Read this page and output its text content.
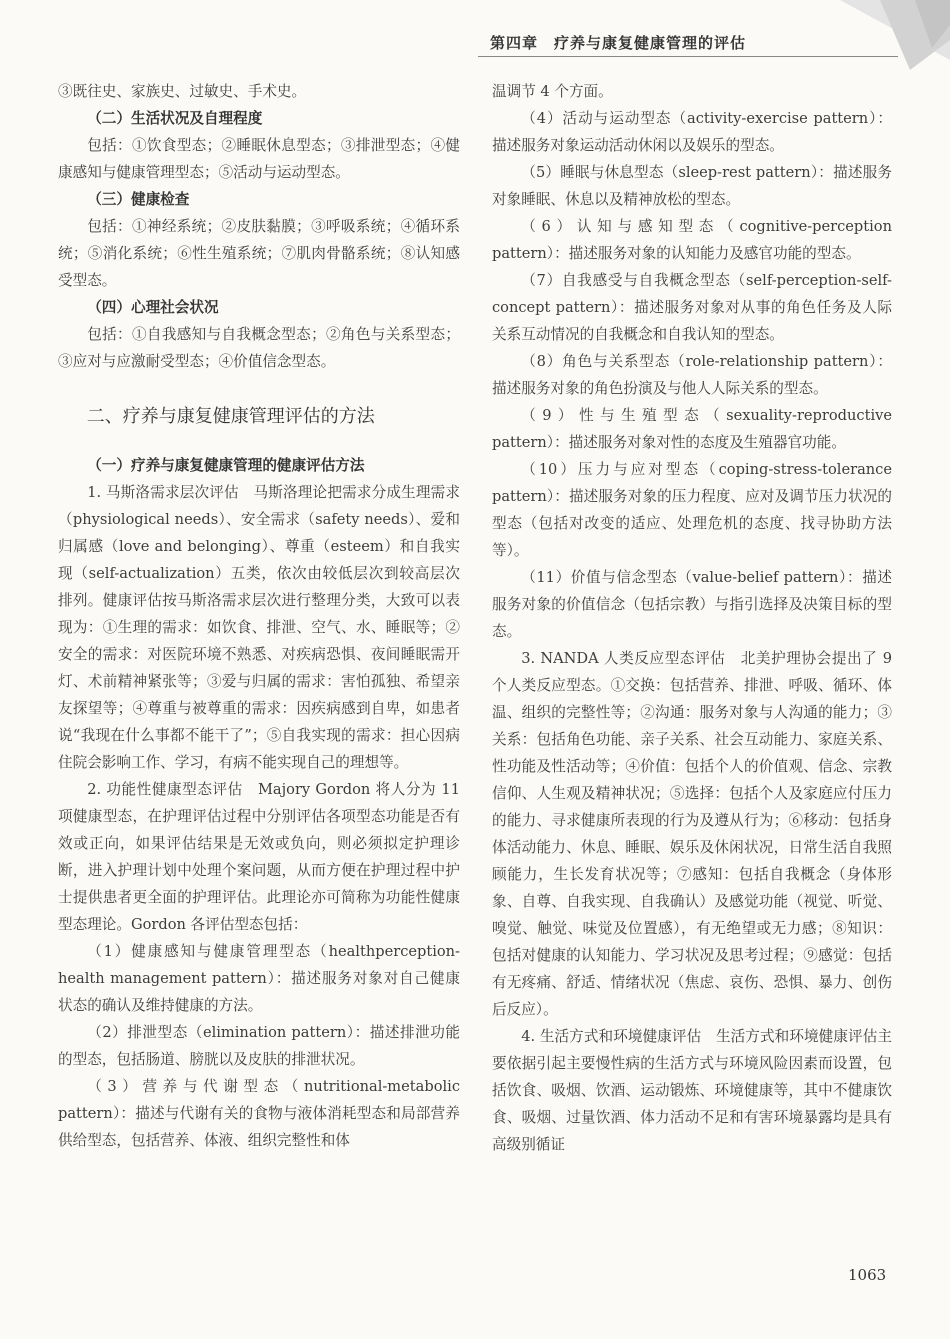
第四章　疗养与康复健康管理的评估

③既往史、家族史、过敏史、手术史。

（二）生活状况及自理程度

包括：①饮食型态；②睡眠休息型态；③排泄型态；④健康感知与健康管理型态；⑤活动与运动型态。

（三）健康检查

包括：①神经系统；②皮肤黏膜；③呼吸系统；④循环系统；⑤消化系统；⑥性生殖系统；⑦肌肉骨骼系统；⑧认知感受型态。

（四）心理社会状况

包括：①自我感知与自我概念型态；②角色与关系型态；③应对与应激耐受型态；④价值信念型态。

二、疗养与康复健康管理评估的方法
（一）疗养与康复健康管理的健康评估方法

1. 马斯洛需求层次评估　马斯洛理论把需求分成生理需求（physiological needs）、安全需求（safety needs）、爱和归属感（love and belonging）、尊重（esteem）和自我实现（self-actualization）五类，依次由较低层次到较高层次排列。健康评估按马斯洛需求层次进行整理分类，大致可以表现为：①生理的需求：如饮食、排泄、空气、水、睡眠等；②安全的需求：对医院环境不熟悉、对疾病恐惧、夜间睡眠需开灯、术前精神紧张等；③爱与归属的需求：害怕孤独、希望亲友探望等；④尊重与被尊重的需求：因疾病感到自卑，如患者说“我现在什么事都不能干了”；⑤自我实现的需求：担心因病住院会影响工作、学习，有病不能实现自己的理想等。

2. 功能性健康型态评估　Majory Gordon 将人分为 11 项健康型态，在护理评估过程中分别评估各项型态功能是否有效或正向，如果评估结果是无效或负向，则必须拟定护理诊断，进入护理计划中处理个案问题，从而方便在护理过程中护士提供患者更全面的护理评估。此理论亦可简称为功能性健康型态理论。Gordon 各评估型态包括：

（1）健康感知与健康管理型态（healthperception-health management pattern）：描述服务对象对自己健康状态的确认及维持健康的方法。

（2）排泄型态（elimination pattern）：描述排泄功能的型态，包括肠道、膀胱以及皮肤的排泄状况。

（3）营养与代谢型态（nutritional-metabolic pattern）：描述与代谢有关的食物与液体消耗型态和局部营养供给型态，包括营养、体液、组织完整性和体

温调节 4 个方面。

（4）活动与运动型态（activity-exercise pattern）：描述服务对象运动活动休闲以及娱乐的型态。

（5）睡眠与休息型态（sleep-rest pattern）：描述服务对象睡眠、休息以及精神放松的型态。

（6）认知与感知型态（cognitive-perception pattern）：描述服务对象的认知能力及感官功能的型态。

（7）自我感受与自我概念型态（self-perception-self-concept pattern）：描述服务对象对从事的角色任务及人际关系互动情况的自我概念和自我认知的型态。

（8）角色与关系型态（role-relationship pattern）：描述服务对象的角色扮演及与他人人际关系的型态。

（9）性与生殖型态（sexuality-reproductive pattern）：描述服务对象对性的态度及生殖器官功能。

（10）压力与应对型态（coping-stress-tolerance pattern）：描述服务对象的压力程度、应对及调节压力状况的型态（包括对改变的适应、处理危机的态度、找寻协助方法等）。

（11）价值与信念型态（value-belief pattern）：描述服务对象的价值信念（包括宗教）与指引选择及决策目标的型态。

3. NANDA 人类反应型态评估　北美护理协会提出了 9 个人类反应型态。①交换：包括营养、排泄、呼吸、循环、体温、组织的完整性等；②沟通：服务对象与人沟通的能力；③关系：包括角色功能、亲子关系、社会互动能力、家庭关系、性功能及性活动等；④价值：包括个人的价值观、信念、宗教信仰、人生观及精神状况；⑤选择：包括个人及家庭应付压力的能力、寻求健康所表现的行为及遵从行为；⑥移动：包括身体活动能力、休息、睡眠、娱乐及休闲状况，日常生活自我照顾能力，生长发育状况等；⑦感知：包括自我概念（身体形象、自尊、自我实现、自我确认）及感觉功能（视觉、听觉、嗅觉、触觉、味觉及位置感），有无绝望或无力感；⑧知识：包括对健康的认知能力、学习状况及思考过程；⑨感觉：包括有无疼痛、舒适、情绪状况（焦虑、哀伤、恐惧、暴力、创伤后反应）。

4. 生活方式和环境健康评估　生活方式和环境健康评估主要依据引起主要慢性病的生活方式与环境风险因素而设置，包括饮食、吸烟、饮酒、运动锻炼、环境健康等，其中不健康饮食、吸烟、过量饮酒、体力活动不足和有害环境暴露均是具有高级别循证

1063
